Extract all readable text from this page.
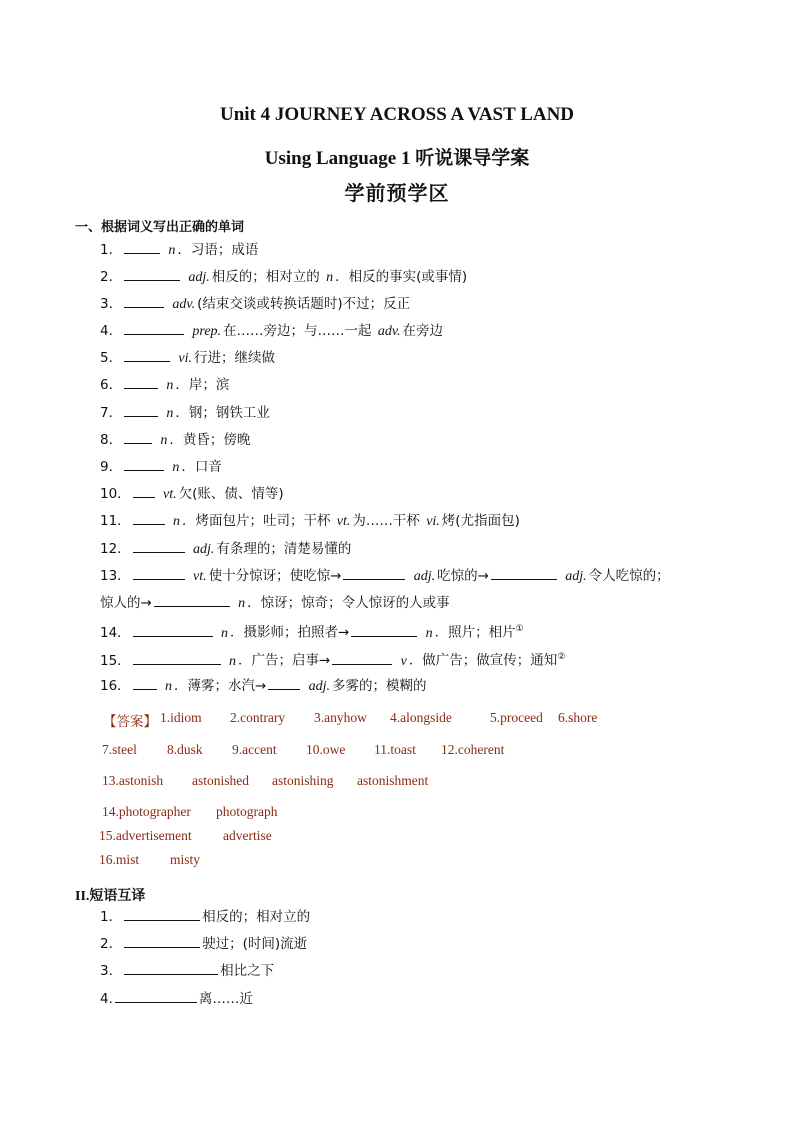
Unit 4 JOURNEY ACROSS A VAST LAND
Using Language 1 听说课导学案
学前预学区
一、根据词义写出正确的单词
1．	n ．习语；成语
2．	adj. 相反的；相对立的 n ．相反的事实(或事情)
3．	adv. (结束交谈或转换话题时)不过；反正
4．	prep. 在……旁边；与……一起 adv. 在旁边
5．	vi. 行进；继续做
6．	n ．岸；滨
7．	n ．钢；钢铁工业
8．	n ．黄昏；傍晚
9．	n ．口音
10． vt. 欠(账、债、情等)
11．	n ．烤面包片；吐司；干杯 vt. 为……干杯 vi. 烤(尤指面包)
12．	adj. 有条理的；清楚易懂的
13．	vt. 使十分惊讶；使吃惊→	adj. 吃惊的→	adj. 令人吃惊的；
惊人的→	n ．惊讶；惊奇；令人惊讶的人或事
14．	n ．摄影师；拍照者→	n ．照片；相片①
15．	n ．广告；启事→	v ．做广告；做宣传；通知②
16． n ．薄雾；水汽→	adj. 多雾的；模糊的
【答案】 1.idiom 2.contrary 3.anyhow 4.alongside	5.proceed 6.shore
7.steel 8.dusk 9.accent 10.owe 11.toast 12.coherent
13.astonish astonished astonishing astonishment
14.photographer photograph
15.advertisement advertise
16.mist misty
II.短语互译
1．	相反的；相对立的
2．	驶过；(时间)流逝
3．	相比之下
4.	离……近
